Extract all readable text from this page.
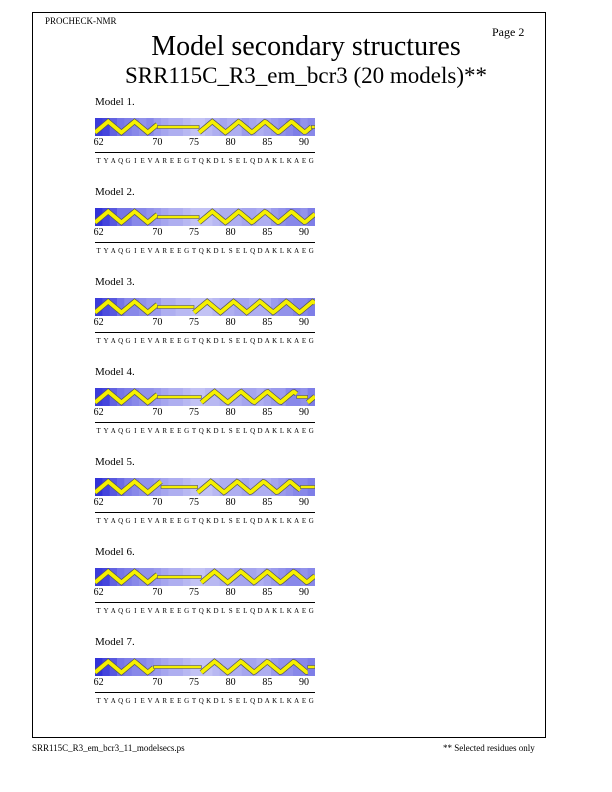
PROCHECK-NMR
Page 2
Model secondary structures
SRR115C_R3_em_bcr3 (20 models)**
Model 1.
62	70	75	80	85	90
T Y A Q G I E V A R E E G T Q K D L S E L Q D A K L K A E G
Model 2.
62	70	75	80	85	90
T Y A Q G I E V A R E E G T Q K D L S E L Q D A K L K A E G
Model 3.
62	70	75	80	85	90
T Y A Q G I E V A R E E G T Q K D L S E L Q D A K L K A E G
Model 4.
62	70	75	80	85	90
T Y A Q G I E V A R E E G T Q K D L S E L Q D A K L K A E G
Model 5.
62	70	75	80	85	90
T Y A Q G I E V A R E E G T Q K D L S E L Q D A K L K A E G
Model 6.
62	70	75	80	85	90
T Y A Q G I E V A R E E G T Q K D L S E L Q D A K L K A E G
Model 7.
62	70	75	80	85	90
T Y A Q G I E V A R E E G T Q K D L S E L Q D A K L K A E G
SRR115C_R3_em_bcr3_11_modelsecs.ps	** Selected residues only
